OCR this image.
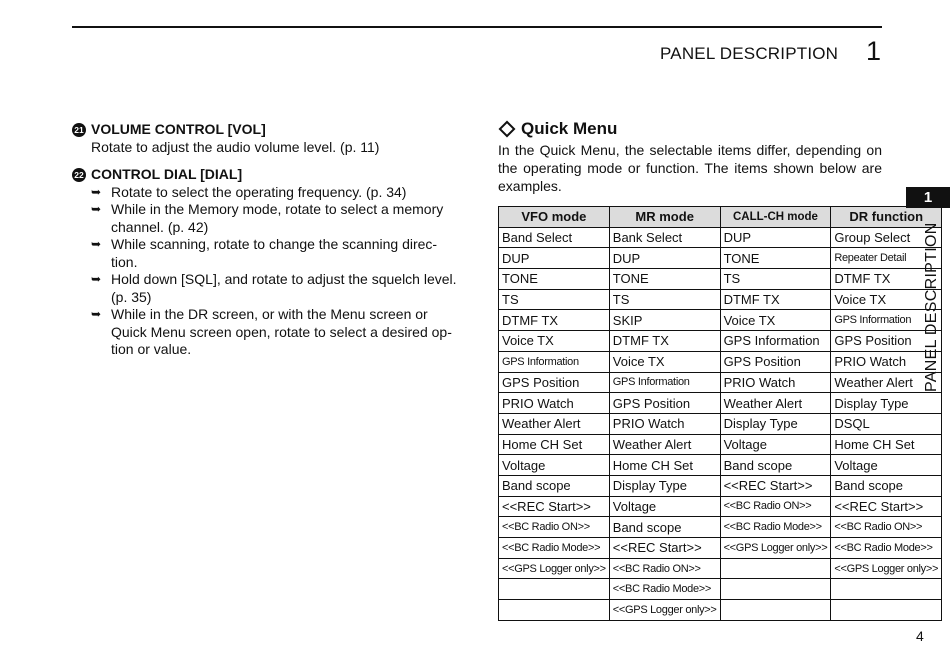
PANEL DESCRIPTION 1
21 VOLUME CONTROL [VOL]
Rotate to adjust the audio volume level. (p. 11)
22 CONTROL DIAL [DIAL]
➥ Rotate to select the operating frequency. (p. 34)
➥ While in the Memory mode, rotate to select a memory
channel. (p. 42)
➥ While scanning, rotate to change the scanning direc-
tion.
➥ Hold down [SQL], and rotate to adjust the squelch level.
(p. 35)
➥ While in the DR screen, or with the Menu screen or
Quick Menu screen open, rotate to select a desired op-
tion or value.
Quick Menu
In the Quick Menu, the selectable items differ, depending on
the operating mode or function. The items shown below are
examples.
VFO mode	MR mode	CALL-CH mode	DR function
Band Select	Bank Select	DUP	Group Select
DUP	DUP	TONE	Repeater Detail
TONE	TONE	TS	DTMF TX
TS	TS	DTMF TX	Voice TX
DTMF TX	SKIP	Voice TX	GPS Information
Voice TX	DTMF TX	GPS Information	GPS Position
GPS Information	Voice TX	GPS Position	PRIO Watch
GPS Position	GPS Information	PRIO Watch	Weather Alert
PRIO Watch	GPS Position	Weather Alert	Display Type
Weather Alert	PRIO Watch	Display Type	DSQL
Home CH Set	Weather Alert	Voltage	Home CH Set
Voltage	Home CH Set	Band scope	Voltage
Band scope	Display Type	<<REC Start>>	Band scope
<<REC Start>>	Voltage	<<BC Radio ON>>	<<REC Start>>
<<BC Radio ON>>	Band scope	<<BC Radio Mode>>	<<BC Radio ON>>
<<BC Radio Mode>>	<<REC Start>>	<<GPS Logger only>>	<<BC Radio Mode>>
<<GPS Logger only>>	<<BC Radio ON>>		<<GPS Logger only>>
	<<BC Radio Mode>>		
	<<GPS Logger only>>		
1
PANEL DESCRIPTION
4
